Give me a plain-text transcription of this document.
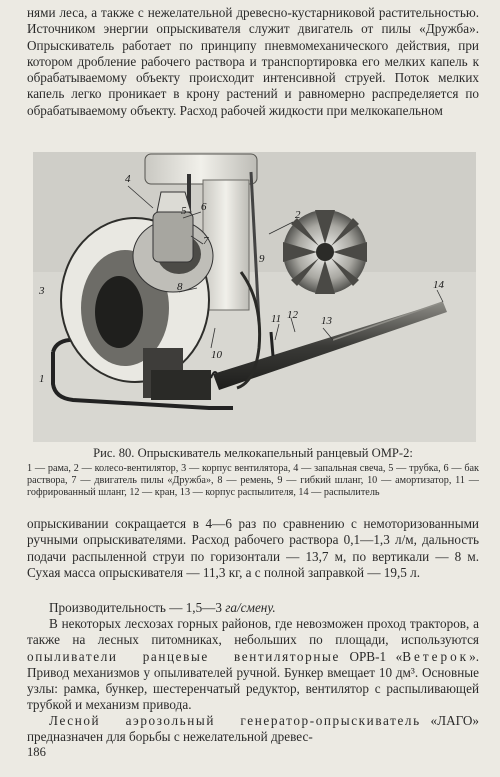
нями леса, а также с нежелательной древесно-кустарниковой растительностью. Источником энергии опрыскивателя служит двигатель от пилы «Дружба». Опрыскиватель работает по принципу пневмомеханического действия, при котором дробление рабочего раствора и транспортировка его мелких капель к обрабатываемому объекту происходит интенсивной струей. Поток мелких капель легко проникает в крону растений и равномерно распределяется по обрабатываемому объекту. Расход рабочей жидкости при мелкокапельном

4
5 6
7
8
9
2
3
1
10
11 12 13
14

Рис. 80. Опрыскиватель мелкокапельный ранцевый ОМР-2:

1 — рама, 2 — колесо-вентилятор, 3 — корпус вентилятора, 4 — запальная свеча, 5 — трубка, 6 — бак раствора, 7 — двигатель пилы «Дружба», 8 — ремень, 9 — гибкий шланг, 10 — амортизатор, 11 — гофрированный шланг, 12 — кран, 13 — корпус распылителя, 14 — распылитель

опрыскивании сокращается в 4—6 раз по сравнению с немоторизованными ручными опрыскивателями. Расход рабочего раствора 0,1—1,3 л/м, дальность подачи распыленной струи по горизонтали — 13,7 м, по вертикали — 8 м. Сухая масса опрыскивателя — 11,3 кг, а с полной заправкой — 19,5 л.

Производительность — 1,5—3 га/смену.

В некоторых лесхозах горных районов, где невозможен проход тракторов, а также на лесных питомниках, небольших по площади, используются опыливатели ранцевые вентиляторные ОРВ-1 «Ветерок». Привод механизмов у опыливателей ручной. Бункер вмещает 10 дм³. Основные узлы: рамка, бункер, шестеренчатый редуктор, вентилятор с распыливающей трубкой и механизм привода.

Лесной аэрозольный генератор-опрыскиватель «ЛАГО» предназначен для борьбы с нежелательной древес-

186
